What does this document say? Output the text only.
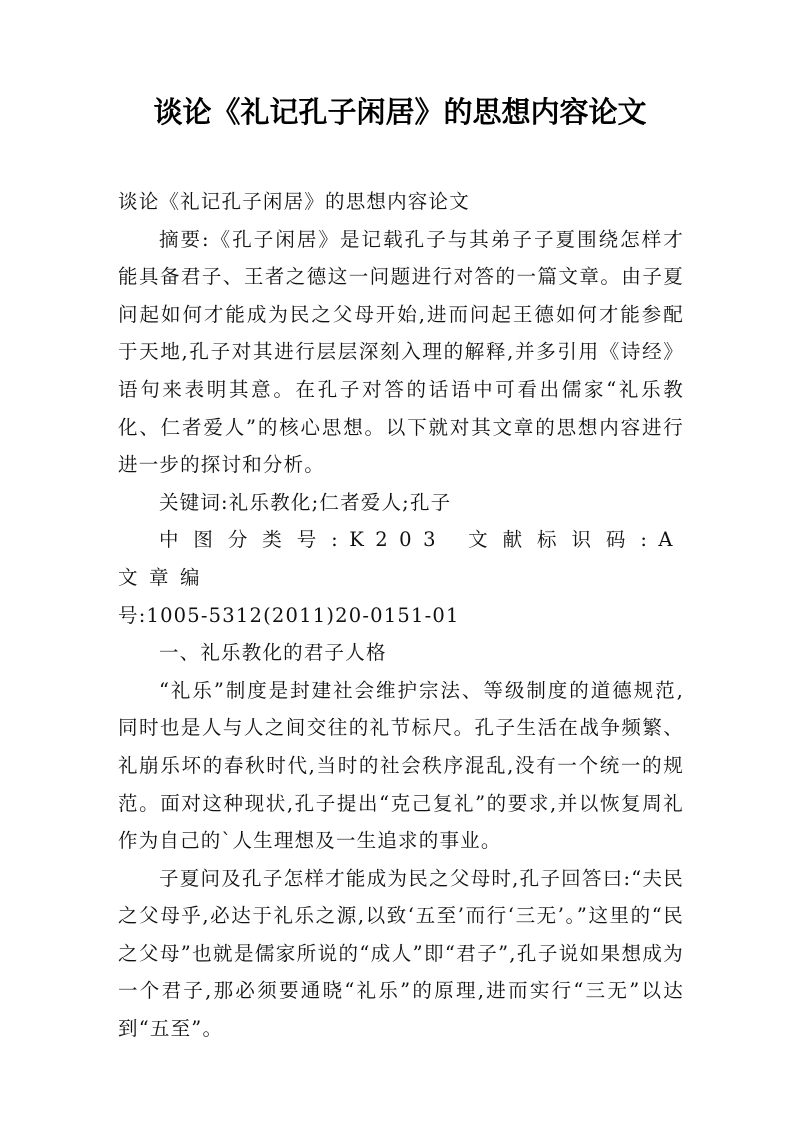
谈论《礼记孔子闲居》的思想内容论文

谈论《礼记孔子闲居》的思想内容论文

摘要:《孔子闲居》是记载孔子与其弟子子夏围绕怎样才能具备君子、王者之德这一问题进行对答的一篇文章。由子夏问起如何才能成为民之父母开始,进而问起王德如何才能参配于天地,孔子对其进行层层深刻入理的解释,并多引用《诗经》语句来表明其意。在孔子对答的话语中可看出儒家“礼乐教化、仁者爱人”的核心思想。以下就对其文章的思想内容进行进一步的探讨和分析。

关键词:礼乐教化;仁者爱人;孔子

中图分类号:K203 文献标识码:A 文章编

号:1005-5312(2011)20-0151-01

一、礼乐教化的君子人格

“礼乐”制度是封建社会维护宗法、等级制度的道德规范,同时也是人与人之间交往的礼节标尺。孔子生活在战争频繁、礼崩乐坏的春秋时代,当时的社会秩序混乱,没有一个统一的规范。面对这种现状,孔子提出“克己复礼”的要求,并以恢复周礼作为自己的`人生理想及一生追求的事业。

子夏问及孔子怎样才能成为民之父母时,孔子回答曰:“夫民之父母乎,必达于礼乐之源,以致‘五至’而行‘三无’。”这里的“民之父母”也就是儒家所说的“成人”即“君子”,孔子说如果想成为一个君子,那必须要通晓“礼乐”的原理,进而实行“三无”以达到“五至”。
